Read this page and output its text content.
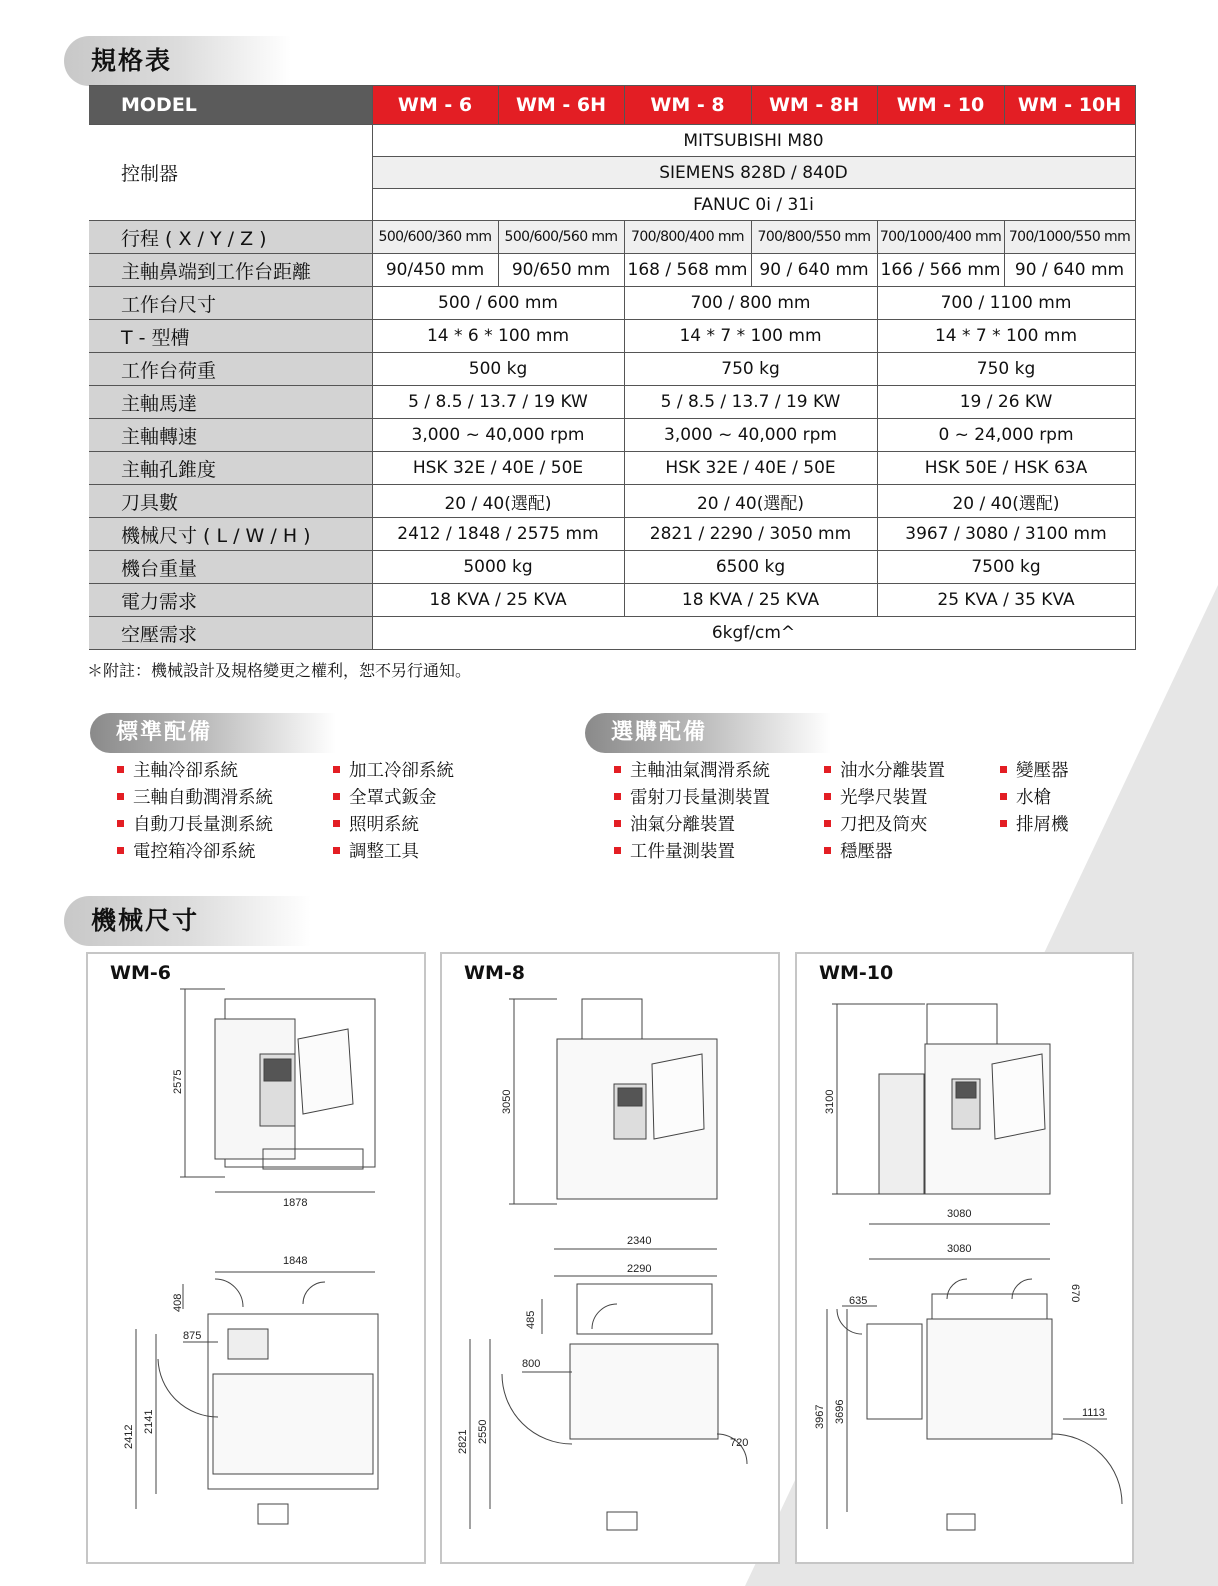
規格表
MODEL	WM - 6	WM - 6H	WM - 8	WM - 8H	WM - 10	WM - 10H
控制器	MITSUBISHI M80					
	SIEMENS 828D / 840D					
	FANUC 0i / 31i					
行程 ( X / Y / Z )	500/600/360 mm	500/600/560 mm	700/800/400 mm	700/800/550 mm	700/1000/400 mm	700/1000/550 mm
主軸鼻端到工作台距離	90/450 mm	90/650 mm	168 / 568 mm	90 / 640 mm	166 / 566 mm	90 / 640 mm
工作台尺寸	500 / 600 mm		700 / 800 mm		700 / 1100 mm	
T - 型槽	14 * 6 * 100 mm		14 * 7 * 100 mm		14 * 7 * 100 mm	
工作台荷重	500 kg		750 kg		750 kg	
主軸馬達	5 / 8.5 / 13.7 / 19 KW		5 / 8.5 / 13.7 / 19 KW		19 / 26 KW	
主軸轉速	3,000 ~ 40,000 rpm		3,000 ~ 40,000 rpm		0 ~ 24,000 rpm	
主軸孔錐度	HSK 32E / 40E / 50E		HSK 32E / 40E / 50E		HSK 50E / HSK 63A	
刀具數	20 / 40(選配)		20 / 40(選配)		20 / 40(選配)	
機械尺寸 ( L / W / H )	2412 / 1848 / 2575 mm		2821 / 2290 / 3050 mm		3967 / 3080 / 3100 mm	
機台重量	5000 kg		6500 kg		7500 kg	
電力需求	18 KVA / 25 KVA		18 KVA / 25 KVA		25 KVA / 35 KVA	
空壓需求	6kgf/cm^					
＊附註：機械設計及規格變更之權利，恕不另行通知。
標準配備	選購配備
主軸冷卻系統
三軸自動潤滑系統
自動刀長量測系統
電控箱冷卻系統
加工冷卻系統
全罩式鈑金
照明系統
調整工具
主軸油氣潤滑系統
雷射刀長量測裝置
油氣分離裝置
工件量測裝置
油水分離裝置
光學尺裝置
刀把及筒夾
穩壓器
變壓器
水槍
排屑機
機械尺寸
WM-6
2575
1878
1848
408
875
2412
2141
WM-8
3050
2340
2290
485
800
720
2821 2550
WM-10
3100
3080
3080
670
635
1113
3967 3696
